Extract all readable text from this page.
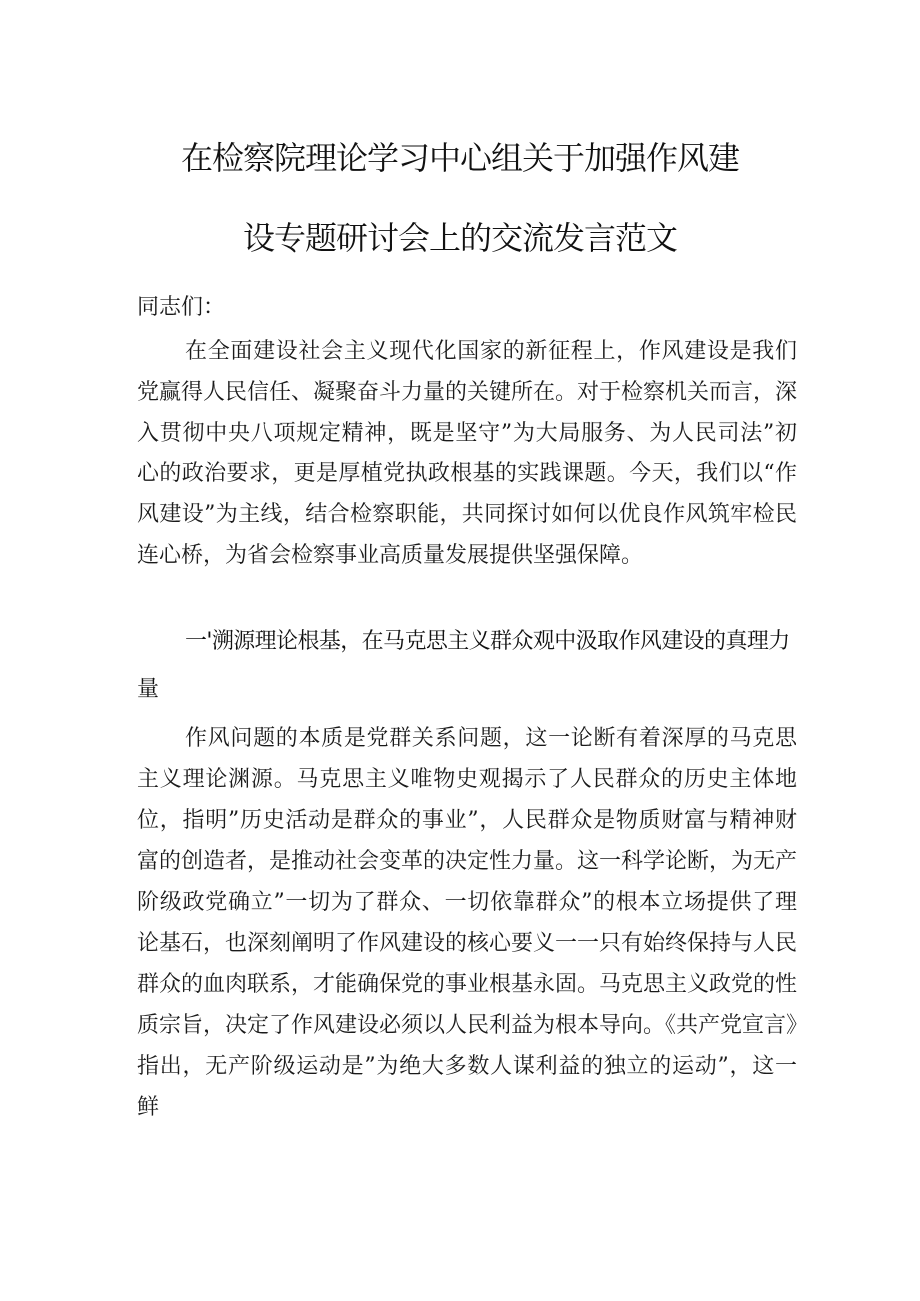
在检察院理论学习中心组关于加强作风建
设专题研讨会上的交流发言范文
同志们：
在全面建设社会主义现代化国家的新征程上，作风建设是我们党赢得人民信任、凝聚奋斗力量的关键所在。对于检察机关而言，深入贯彻中央八项规定精神，既是坚守”为大局服务、为人民司法”初心的政治要求，更是厚植党执政根基的实践课题。今天，我们以“作风建设”为主线，结合检察职能，共同探讨如何以优良作风筑牢检民连心桥，为省会检察事业高质量发展提供坚强保障。
一'溯源理论根基，在马克思主义群众观中汲取作风建设的真理力量
作风问题的本质是党群关系问题，这一论断有着深厚的马克思主义理论渊源。马克思主义唯物史观揭示了人民群众的历史主体地位，指明”历史活动是群众的事业”，人民群众是物质财富与精神财富的创造者，是推动社会变革的决定性力量。这一科学论断，为无产阶级政党确立”一切为了群众、一切依靠群众”的根本立场提供了理论基石，也深刻阐明了作风建设的核心要义一一只有始终保持与人民群众的血肉联系，才能确保党的事业根基永固。马克思主义政党的性质宗旨，决定了作风建设必须以人民利益为根本导向。《共产党宣言》指出，无产阶级运动是”为绝大多数人谋利益的独立的运动”，这一鲜
